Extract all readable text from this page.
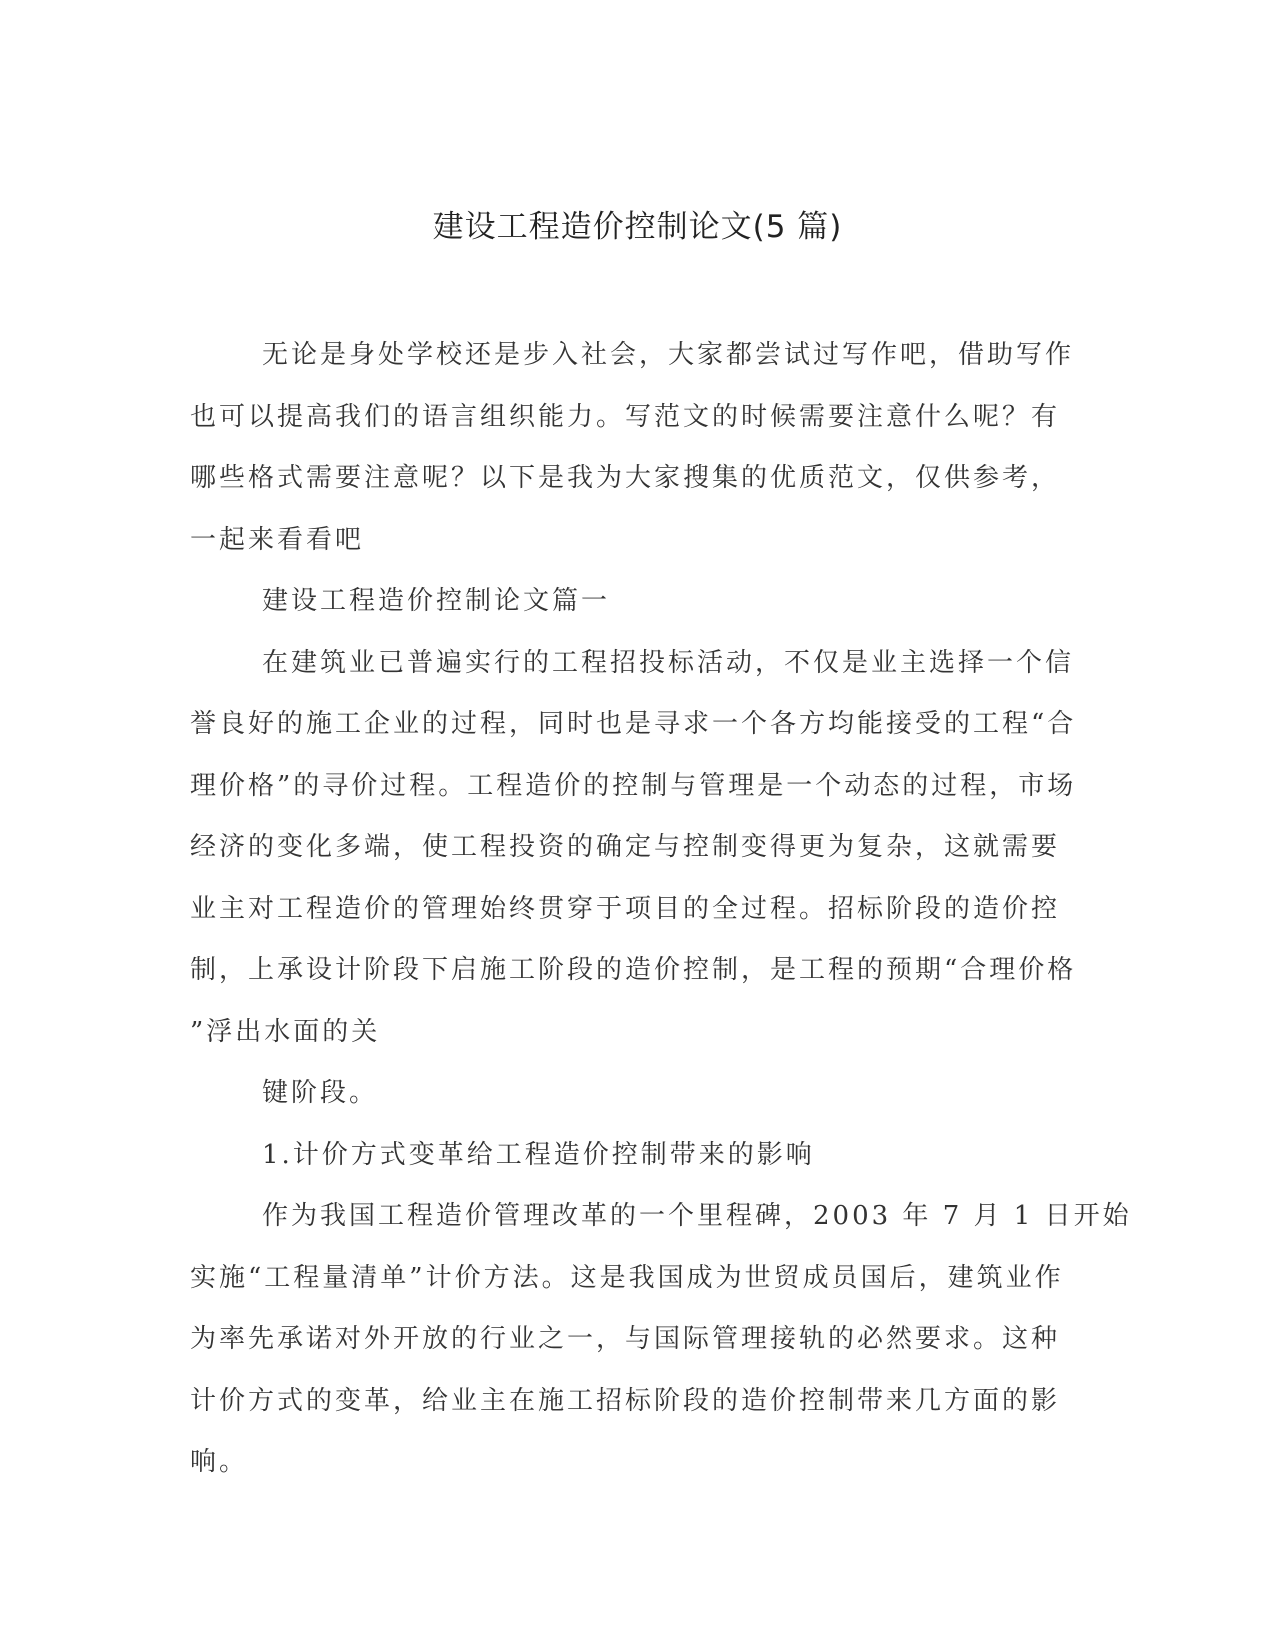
建设工程造价控制论文(5 篇)
无论是身处学校还是步入社会，大家都尝试过写作吧，借助写作
也可以提高我们的语言组织能力。写范文的时候需要注意什么呢？有
哪些格式需要注意呢？以下是我为大家搜集的优质范文，仅供参考，
一起来看看吧
建设工程造价控制论文篇一
在建筑业已普遍实行的工程招投标活动，不仅是业主选择一个信
誉良好的施工企业的过程，同时也是寻求一个各方均能接受的工程“合
理价格”的寻价过程。工程造价的控制与管理是一个动态的过程，市场
经济的变化多端，使工程投资的确定与控制变得更为复杂，这就需要
业主对工程造价的管理始终贯穿于项目的全过程。招标阶段的造价控
制，上承设计阶段下启施工阶段的造价控制，是工程的预期“合理价格
”浮出水面的关
键阶段。
1.计价方式变革给工程造价控制带来的影响
作为我国工程造价管理改革的一个里程碑，2003 年 7 月 1 日开始
实施“工程量清单”计价方法。这是我国成为世贸成员国后，建筑业作
为率先承诺对外开放的行业之一，与国际管理接轨的必然要求。这种
计价方式的变革，给业主在施工招标阶段的造价控制带来几方面的影
响。
